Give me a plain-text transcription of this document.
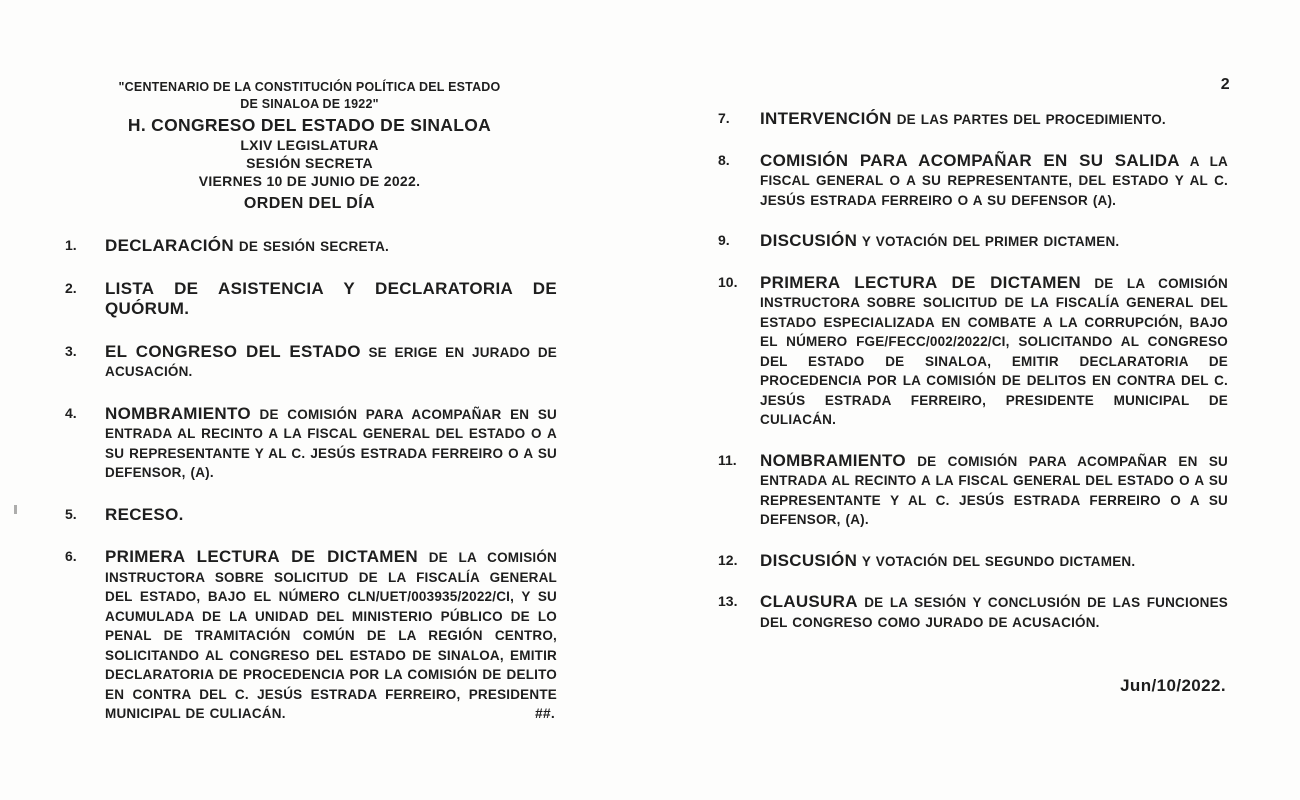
2
"CENTENARIO DE LA CONSTITUCIÓN POLÍTICA DEL ESTADO
DE SINALOA DE 1922"
H. CONGRESO DEL ESTADO DE SINALOA
LXIV LEGISLATURA
SESIÓN SECRETA
VIERNES 10 DE JUNIO DE 2022.
ORDEN DEL DÍA
1.	DECLARACIÓN DE SESIÓN SECRETA.
2.	LISTA DE ASISTENCIA Y DECLARATORIA DE QUÓRUM.
3.	EL CONGRESO DEL ESTADO SE ERIGE EN JURADO DE ACUSACIÓN.
4.	NOMBRAMIENTO DE COMISIÓN PARA ACOMPAÑAR EN SU ENTRADA AL RECINTO A LA FISCAL GENERAL DEL ESTADO O A SU REPRESENTANTE Y AL C. JESÚS ESTRADA FERREIRO O A SU DEFENSOR, (A).
5.	RECESO.
6.	PRIMERA LECTURA DE DICTAMEN DE LA COMISIÓN INSTRUCTORA SOBRE SOLICITUD DE LA FISCALÍA GENERAL DEL ESTADO, BAJO EL NÚMERO CLN/UET/003935/2022/CI, Y SU ACUMULADA DE LA UNIDAD DEL MINISTERIO PÚBLICO DE LO PENAL DE TRAMITACIÓN COMÚN DE LA REGIÓN CENTRO, SOLICITANDO AL CONGRESO DEL ESTADO DE SINALOA, EMITIR DECLARATORIA DE PROCEDENCIA POR LA COMISIÓN DE DELITO EN CONTRA DEL C. JESÚS ESTRADA FERREIRO, PRESIDENTE MUNICIPAL DE CULIACÁN.	##.
7.	INTERVENCIÓN DE LAS PARTES DEL PROCEDIMIENTO.
8.	COMISIÓN PARA ACOMPAÑAR EN SU SALIDA A LA FISCAL GENERAL O A SU REPRESENTANTE, DEL ESTADO Y AL C. JESÚS ESTRADA FERREIRO O A SU DEFENSOR (A).
9.	DISCUSIÓN Y VOTACIÓN DEL PRIMER DICTAMEN.
10.	PRIMERA LECTURA DE DICTAMEN DE LA COMISIÓN INSTRUCTORA SOBRE SOLICITUD DE LA FISCALÍA GENERAL DEL ESTADO ESPECIALIZADA EN COMBATE A LA CORRUPCIÓN, BAJO EL NÚMERO FGE/FECC/002/2022/CI, SOLICITANDO AL CONGRESO DEL ESTADO DE SINALOA, EMITIR DECLARATORIA DE PROCEDENCIA POR LA COMISIÓN DE DELITOS EN CONTRA DEL C. JESÚS ESTRADA FERREIRO, PRESIDENTE MUNICIPAL DE CULIACÁN.
11.	NOMBRAMIENTO DE COMISIÓN PARA ACOMPAÑAR EN SU ENTRADA AL RECINTO A LA FISCAL GENERAL DEL ESTADO O A SU REPRESENTANTE Y AL C. JESÚS ESTRADA FERREIRO O A SU DEFENSOR, (A).
12.	DISCUSIÓN Y VOTACIÓN DEL SEGUNDO DICTAMEN.
13.	CLAUSURA DE LA SESIÓN Y CONCLUSIÓN DE LAS FUNCIONES DEL CONGRESO COMO JURADO DE ACUSACIÓN.
Jun/10/2022.
